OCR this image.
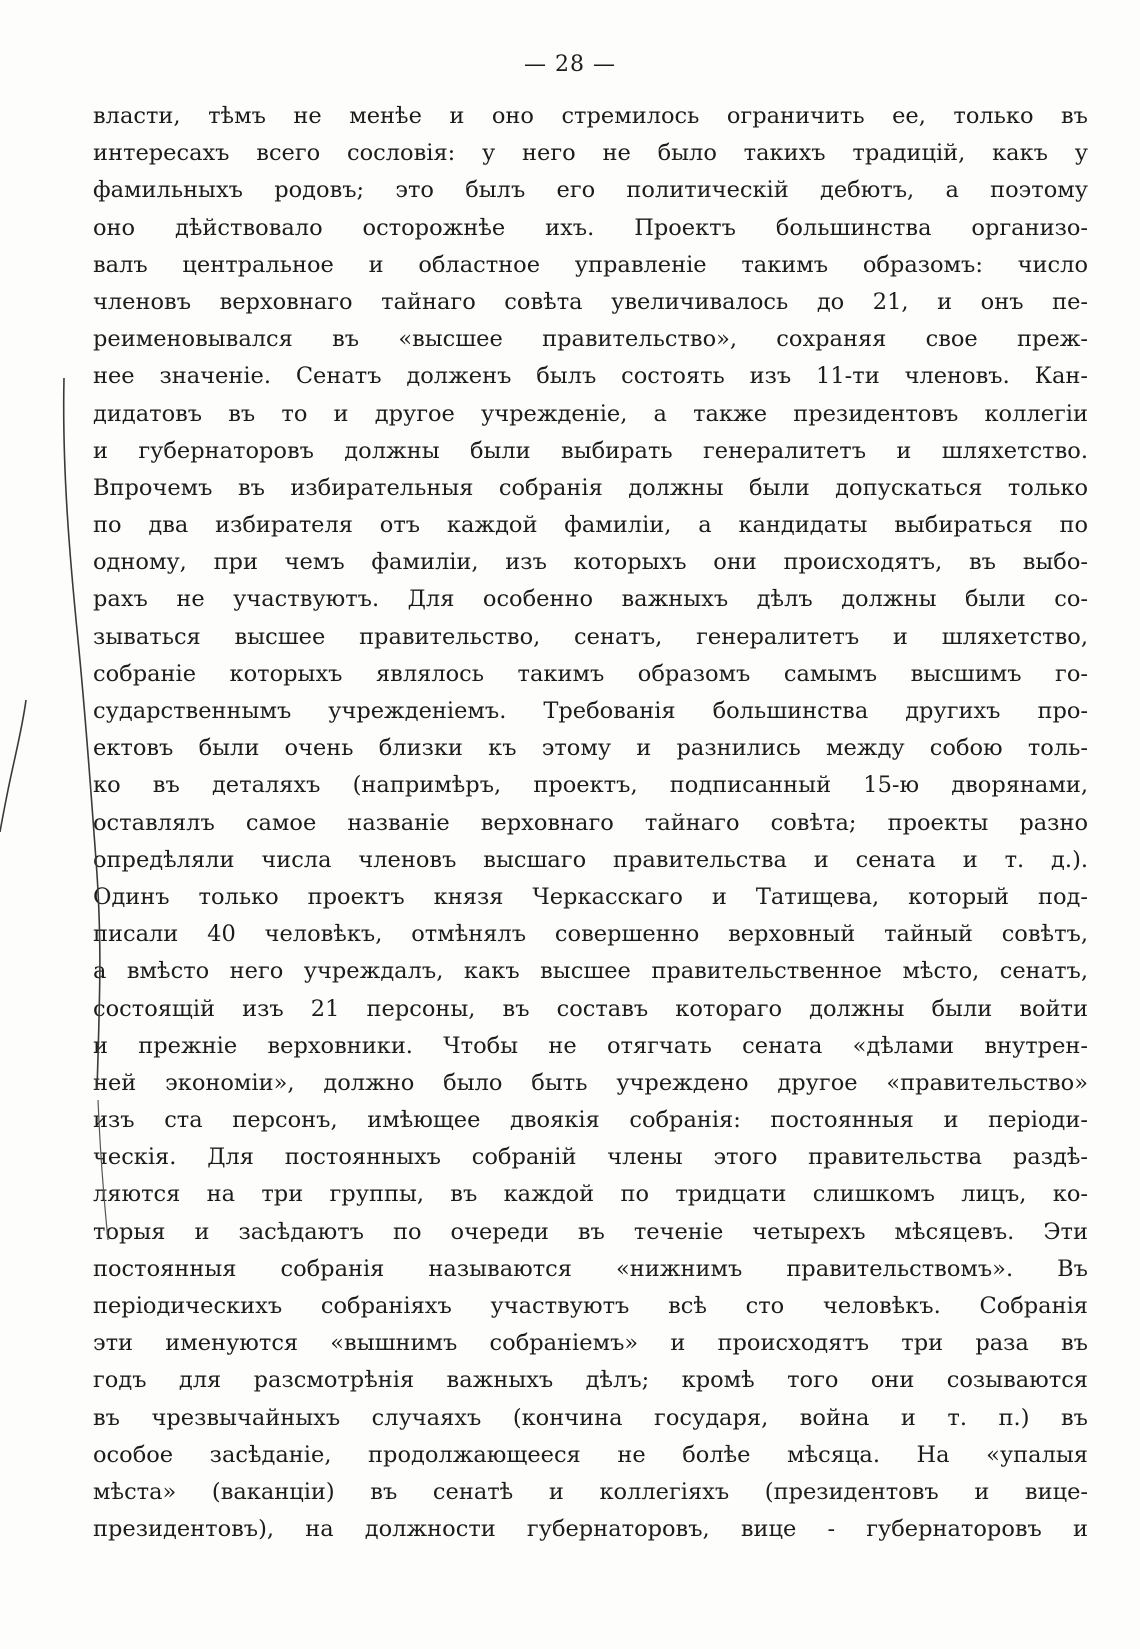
— 28 —
власти, тѣмъ не менѣе и оно стремилось ограничить ее, только въ
интересахъ всего сословія: у него не было такихъ традицій, какъ у
фамильныхъ родовъ; это былъ его политическій дебютъ, а поэтому
оно дѣйствовало осторожнѣе ихъ. Проектъ большинства организо-
валъ центральное и областное управленіе такимъ образомъ: число
членовъ верховнаго тайнаго совѣта увеличивалось до 21, и онъ пе-
реименовывался въ «высшее правительство», сохраняя свое преж-
нее значеніе. Сенатъ долженъ былъ состоять изъ 11-ти членовъ. Кан-
дидатовъ въ то и другое учрежденіе, а также президентовъ коллегіи
и губернаторовъ должны были выбирать генералитетъ и шляхетство.
Впрочемъ въ избирательныя собранія должны были допускаться только
по два избирателя отъ каждой фамиліи, а кандидаты выбираться по
одному, при чемъ фамиліи, изъ которыхъ они происходятъ, въ выбо-
рахъ не участвуютъ. Для особенно важныхъ дѣлъ должны были со-
зываться высшее правительство, сенатъ, генералитетъ и шляхетство,
собраніе которыхъ являлось такимъ образомъ самымъ высшимъ го-
сударственнымъ учрежденіемъ. Требованія большинства другихъ про-
ектовъ были очень близки къ этому и разнились между собою толь-
ко въ деталяхъ (напримѣръ, проектъ, подписанный 15-ю дворянами,
оставлялъ самое названіе верховнаго тайнаго совѣта; проекты разно
опредѣляли числа членовъ высшаго правительства и сената и т. д.).
Одинъ только проектъ князя Черкасскаго и Татищева, который под-
писали 40 человѣкъ, отмѣнялъ совершенно верховный тайный совѣтъ,
а вмѣсто него учреждалъ, какъ высшее правительственное мѣсто, сенатъ,
состоящій изъ 21 персоны, въ составъ котораго должны были войти
и прежніе верховники. Чтобы не отягчать сената «дѣлами внутрен-
ней экономіи», должно было быть учреждено другое «правительство»
изъ ста персонъ, имѣющее двоякія собранія: постоянныя и періоди-
ческія. Для постоянныхъ собраній члены этого правительства раздѣ-
ляются на три группы, въ каждой по тридцати слишкомъ лицъ, ко-
торыя и засѣдаютъ по очереди въ теченіе четырехъ мѣсяцевъ. Эти
постоянныя собранія называются «нижнимъ правительствомъ». Въ
періодическихъ собраніяхъ участвуютъ всѣ сто человѣкъ. Собранія
эти именуются «вышнимъ собраніемъ» и происходятъ три раза въ
годъ для разсмотрѣнія важныхъ дѣлъ; кромѣ того они созываются
въ чрезвычайныхъ случаяхъ (кончина государя, война и т. п.) въ
особое засѣданіе, продолжающееся не болѣе мѣсяца. На «упалыя
мѣста» (ваканціи) въ сенатѣ и коллегіяхъ (президентовъ и вице-
президентовъ), на должности губернаторовъ, вице - губернаторовъ и
